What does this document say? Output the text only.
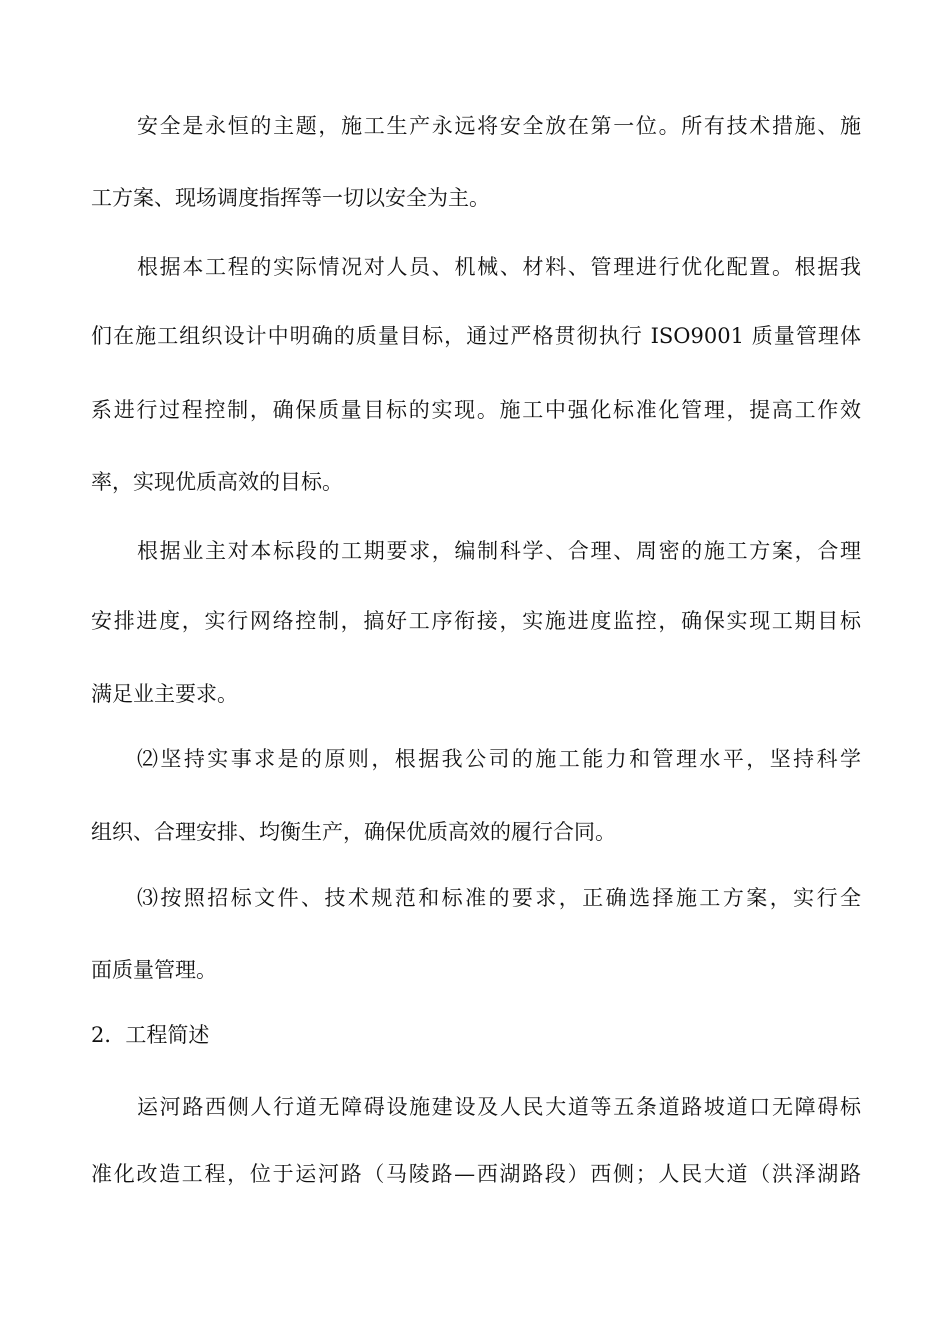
安全是永恒的主题，施工生产永远将安全放在第一位。所有技术措施、施
工方案、现场调度指挥等一切以安全为主。
根据本工程的实际情况对人员、机械、材料、管理进行优化配置。根据我
们在施工组织设计中明确的质量目标，通过严格贯彻执行 ISO9001 质量管理体
系进行过程控制，确保质量目标的实现。施工中强化标准化管理，提高工作效
率，实现优质高效的目标。
根据业主对本标段的工期要求，编制科学、合理、周密的施工方案，合理
安排进度，实行网络控制，搞好工序衔接，实施进度监控，确保实现工期目标
满足业主要求。
⑵坚持实事求是的原则，根据我公司的施工能力和管理水平，坚持科学
组织、合理安排、均衡生产，确保优质高效的履行合同。
⑶按照招标文件、技术规范和标准的要求，正确选择施工方案，实行全
面质量管理。
2．工程简述
运河路西侧人行道无障碍设施建设及人民大道等五条道路坡道口无障碍标
准化改造工程，位于运河路（马陵路—西湖路段）西侧；人民大道（洪泽湖路
